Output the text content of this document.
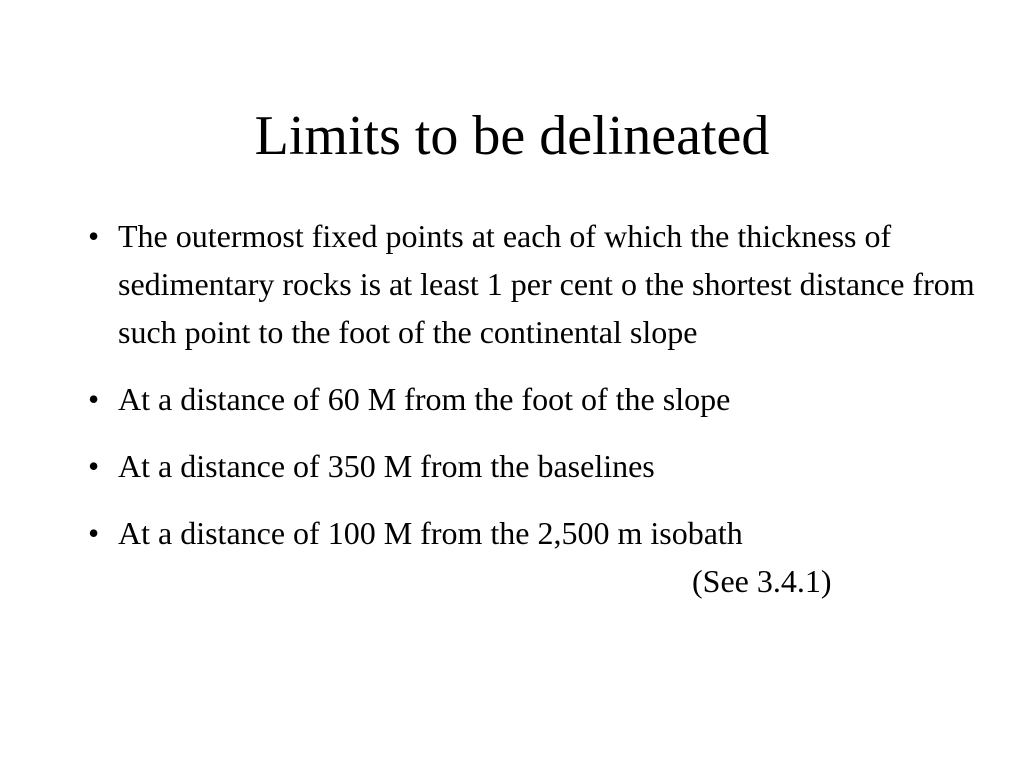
Limits to be delineated
• The outermost fixed points at each of which the thickness of sedimentary rocks is at least 1 per cent o the shortest distance from such point to the foot of the continental slope
• At a distance of 60 M from the foot of the slope
• At a distance of 350 M from the baselines
• At a distance of 100 M from the 2,500 m isobath
(See 3.4.1)
